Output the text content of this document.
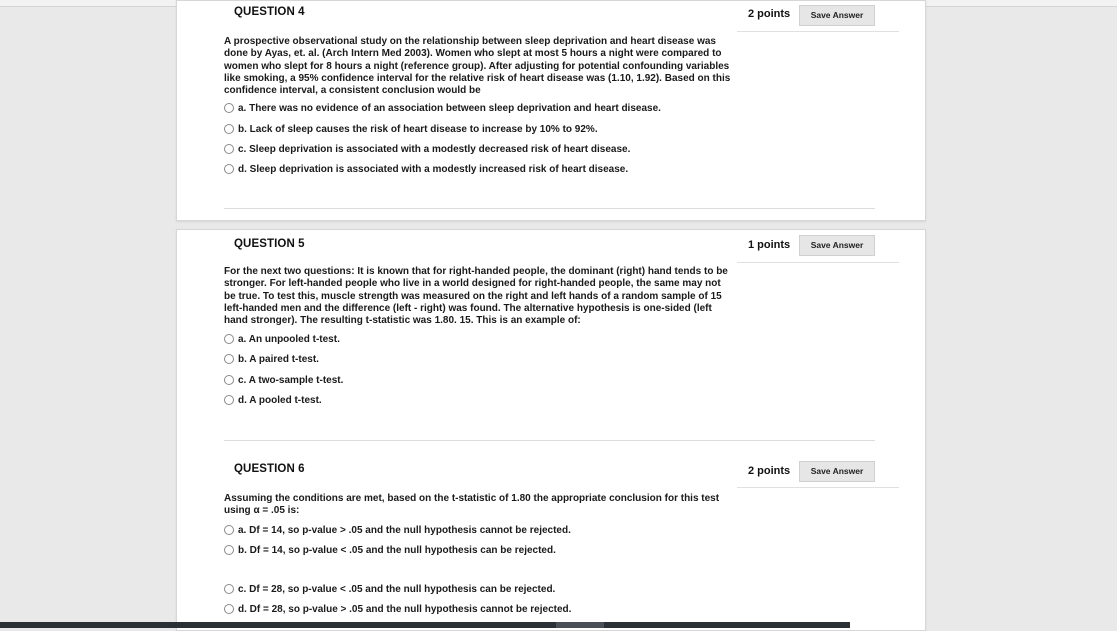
QUESTION 4	2 points	Save Answer

A prospective observational study on the relationship between sleep deprivation and heart disease was done by Ayas, et. al. (Arch Intern Med 2003). Women who slept at most 5 hours a night were compared to women who slept for 8 hours a night (reference group). After adjusting for potential confounding variables like smoking, a 95% confidence interval for the relative risk of heart disease was (1.10, 1.92). Based on this confidence interval, a consistent conclusion would be

a. There was no evidence of an association between sleep deprivation and heart disease.
b. Lack of sleep causes the risk of heart disease to increase by 10% to 92%.
c. Sleep deprivation is associated with a modestly decreased risk of heart disease.
d. Sleep deprivation is associated with a modestly increased risk of heart disease.
QUESTION 5	1 points	Save Answer

For the next two questions: It is known that for right-handed people, the dominant (right) hand tends to be stronger. For left-handed people who live in a world designed for right-handed people, the same may not be true. To test this, muscle strength was measured on the right and left hands of a random sample of 15 left-handed men and the difference (left - right) was found. The alternative hypothesis is one-sided (left hand stronger). The resulting t-statistic was 1.80. 15. This is an example of:

a. An unpooled t-test.
b. A paired t-test.
c. A two-sample t-test.
d. A pooled t-test.
QUESTION 6	2 points	Save Answer

Assuming the conditions are met, based on the t-statistic of 1.80 the appropriate conclusion for this test using α = .05 is:

a. Df = 14, so p-value > .05 and the null hypothesis cannot be rejected.
b. Df = 14, so p-value < .05 and the null hypothesis can be rejected.
c. Df = 28, so p-value < .05 and the null hypothesis can be rejected.
d. Df = 28, so p-value > .05 and the null hypothesis cannot be rejected.
